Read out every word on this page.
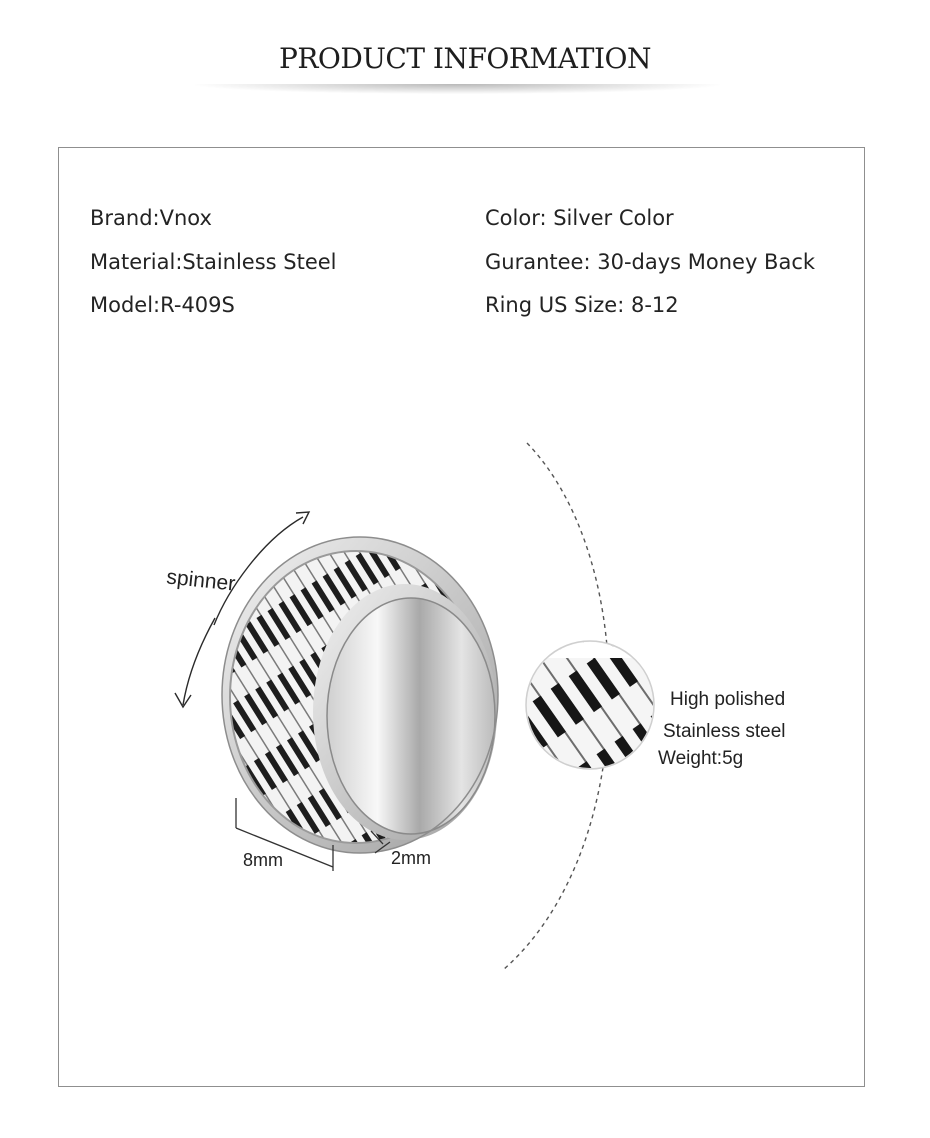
PRODUCT INFORMATION
Brand:Vnox
Material:Stainless Steel
Model:R-409S
Color: Silver Color
Gurantee: 30-days Money Back
Ring US Size: 8-12
spinner
8mm	2mm
High polished
Stainless steel
Weight:5g
